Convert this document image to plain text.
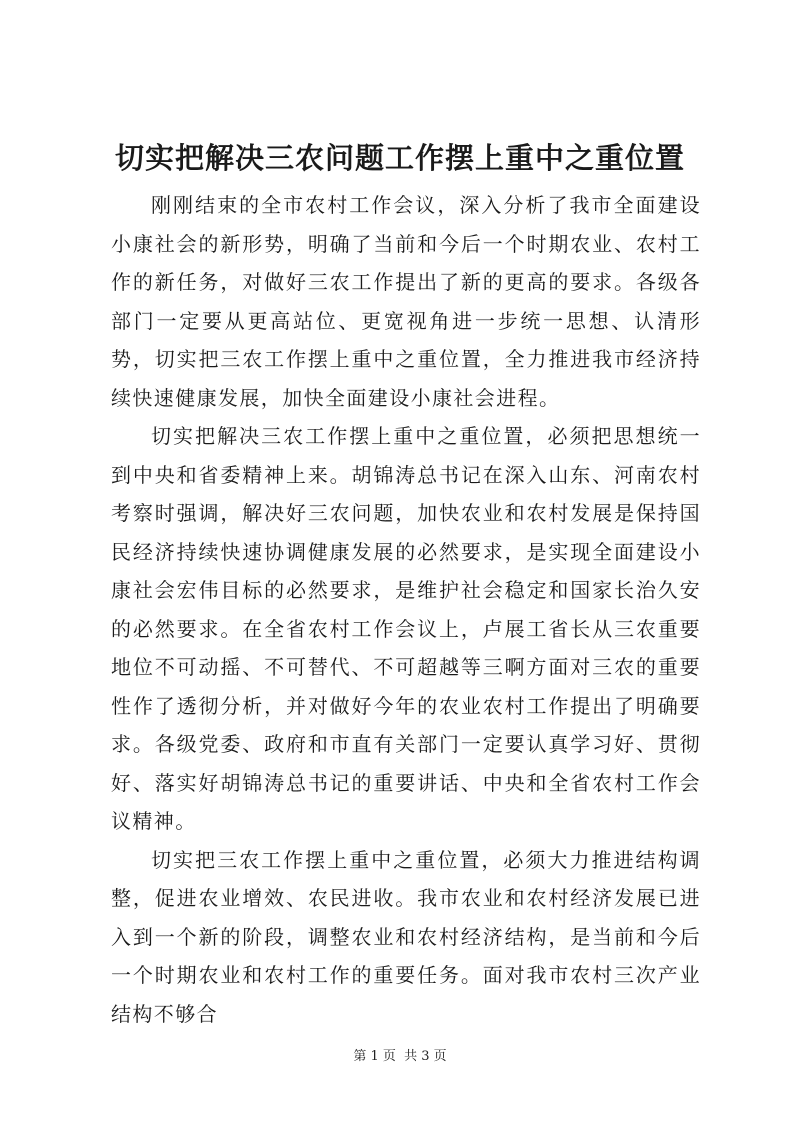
切实把解决三农问题工作摆上重中之重位置

刚刚结束的全市农村工作会议，深入分析了我市全面建设小康社会的新形势，明确了当前和今后一个时期农业、农村工作的新任务，对做好三农工作提出了新的更高的要求。各级各部门一定要从更高站位、更宽视角进一步统一思想、认清形势，切实把三农工作摆上重中之重位置，全力推进我市经济持续快速健康发展，加快全面建设小康社会进程。

切实把解决三农工作摆上重中之重位置，必须把思想统一到中央和省委精神上来。胡锦涛总书记在深入山东、河南农村考察时强调，解决好三农问题，加快农业和农村发展是保持国民经济持续快速协调健康发展的必然要求，是实现全面建设小康社会宏伟目标的必然要求，是维护社会稳定和国家长治久安的必然要求。在全省农村工作会议上，卢展工省长从三农重要地位不可动摇、不可替代、不可超越等三啊方面对三农的重要性作了透彻分析，并对做好今年的农业农村工作提出了明确要求。各级党委、政府和市直有关部门一定要认真学习好、贯彻好、落实好胡锦涛总书记的重要讲话、中央和全省农村工作会议精神。

切实把三农工作摆上重中之重位置，必须大力推进结构调整，促进农业增效、农民进收。我市农业和农村经济发展已进入到一个新的阶段，调整农业和农村经济结构，是当前和今后一个时期农业和农村工作的重要任务。面对我市农村三次产业结构不够合

第 1 页 共 3 页
